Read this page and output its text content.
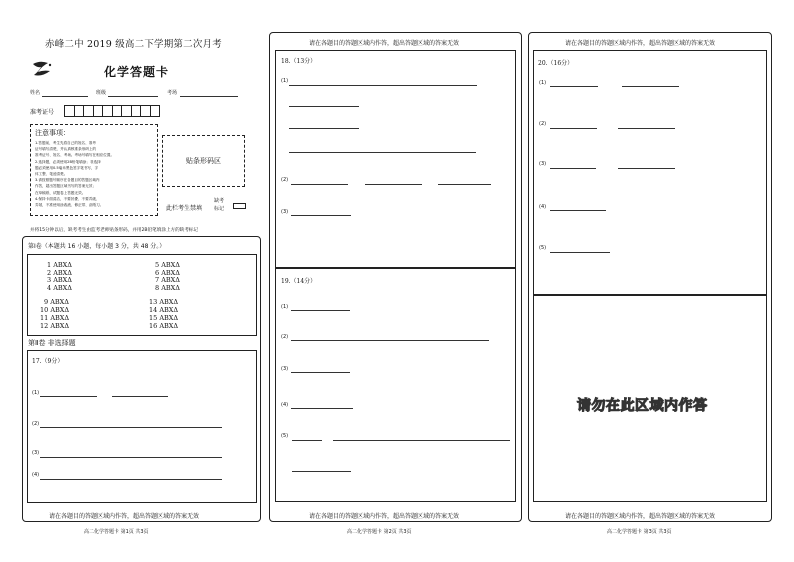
赤峰二中 2019 级高二下学期第二次月考
化学答题卡
姓名	班级	考场
准考证号
注意事项：
1.答题前，考生先将自己的姓名、准考
证号填写清楚，并认真核准条形码上的
准考证号、姓名、考场。考场号填写在相应位置。
2.选择题，必须使用2B铅笔填涂；非选择
题必须使用0.5毫米黑色签字笔书写，字
体工整、笔迹清楚。
3.请按照题号顺序在各题目的答题区域内
作答，超出答题区域书写的答案无效；
在草稿纸、试题卷上答题无效。
4.保持卡面清洁，不要折叠、不要弄破、
弄皱，不准使用涂改液、修正带、刮纸刀。
贴条形码区
此栏考生禁填
缺考标记
并将15分钟以后，缺考考生由监考老师贴条形码，并用2B铅笔填涂上方的缺考标记
第Ⅰ卷（本题共 16 小题，每小题 3 分，共 48 分。）
1 ABXΔ
2 ABXΔ
3 ABXΔ
4 ABXΔ
9 ABXΔ
10 ABXΔ
11 ABXΔ
12 ABXΔ
5 ABXΔ
6 ABXΔ
7 ABXΔ
8 ABXΔ
13 ABXΔ
14 ABXΔ
15 ABXΔ
16 ABXΔ
第Ⅱ卷 非选择题
17.（9分）
(1)
(2)
(3)
(4)
请在各题目的答题区域内作答，超出答题区域的答案无效
高二化学答题卡 第1页 共3页
请在各题目的答题区域内作答，超出答题区域的答案无效
18.（13分）
(1)
(2)
(3)
19.（14分）
(1)
(2)
(3)
(4)
(5)
请在各题目的答题区域内作答，超出答题区域的答案无效
高二化学答题卡 第2页 共3页
请在各题目的答题区域内作答，超出答题区域的答案无效
20.（16分）
(1)
(2)
(3)
(4)
(5)
请勿在此区域内作答
请在各题目的答题区域内作答，超出答题区域的答案无效
高二化学答题卡 第3页 共3页
